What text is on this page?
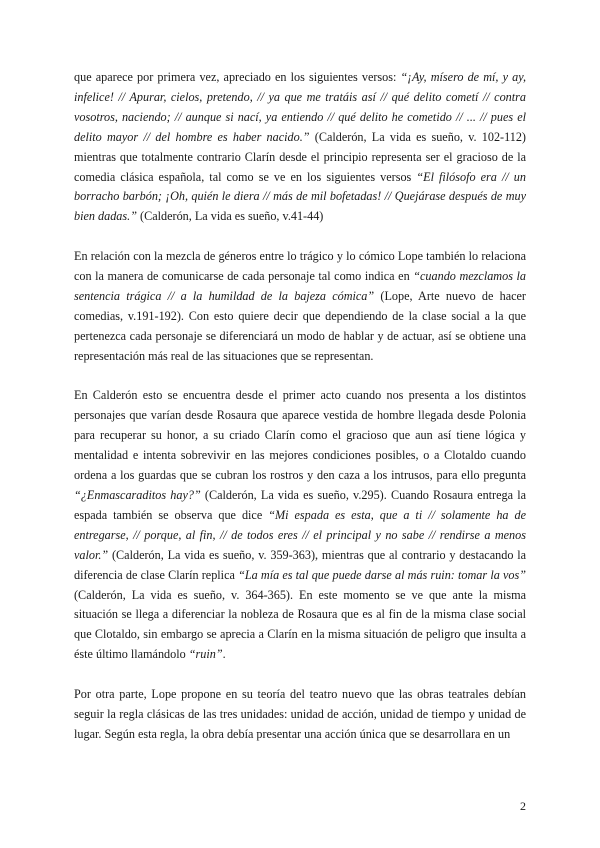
que aparece por primera vez, apreciado en los siguientes versos: “¡Ay, mísero de mí, y ay, infelice! // Apurar, cielos, pretendo, // ya que me tratáis así // qué delito cometí // contra vosotros, naciendo; // aunque si nací, ya entiendo // qué delito he cometido // ... // pues el delito mayor // del hombre es haber nacido.” (Calderón, La vida es sueño, v. 102-112) mientras que totalmente contrario Clarín desde el principio representa ser el gracioso de la comedia clásica española, tal como se ve en los siguientes versos “El filósofo era // un borracho barbón; ¡Oh, quién le diera // más de mil bofetadas! // Quejárase después de muy bien dadas.” (Calderón, La vida es sueño, v.41-44)

En relación con la mezcla de géneros entre lo trágico y lo cómico Lope también lo relaciona con la manera de comunicarse de cada personaje tal como indica en “cuando mezclamos la sentencia trágica // a la humildad de la bajeza cómica” (Lope, Arte nuevo de hacer comedias, v.191-192). Con esto quiere decir que dependiendo de la clase social a la que pertenezca cada personaje se diferenciará un modo de hablar y de actuar, así se obtiene una representación más real de las situaciones que se representan.

En Calderón esto se encuentra desde el primer acto cuando nos presenta a los distintos personajes que varían desde Rosaura que aparece vestida de hombre llegada desde Polonia para recuperar su honor, a su criado Clarín como el gracioso que aun así tiene lógica y mentalidad e intenta sobrevivir en las mejores condiciones posibles, o a Clotaldo cuando ordena a los guardas que se cubran los rostros y den caza a los intrusos, para ello pregunta “¿Enmascaraditos hay?” (Calderón, La vida es sueño, v.295). Cuando Rosaura entrega la espada también se observa que dice “Mi espada es esta, que a ti // solamente ha de entregarse, // porque, al fin, // de todos eres // el principal y no sabe // rendirse a menos valor.” (Calderón, La vida es sueño, v. 359-363), mientras que al contrario y destacando la diferencia de clase Clarín replica “La mía es tal que puede darse al más ruin: tomar la vos” (Calderón, La vida es sueño, v. 364-365). En este momento se ve que ante la misma situación se llega a diferenciar la nobleza de Rosaura que es al fin de la misma clase social que Clotaldo, sin embargo se aprecia a Clarín en la misma situación de peligro que insulta a éste último llamándolo “ruin”.

Por otra parte, Lope propone en su teoría del teatro nuevo que las obras teatrales debían seguir la regla clásicas de las tres unidades: unidad de acción, unidad de tiempo y unidad de lugar. Según esta regla, la obra debía presentar una acción única que se desarrollara en un

2
